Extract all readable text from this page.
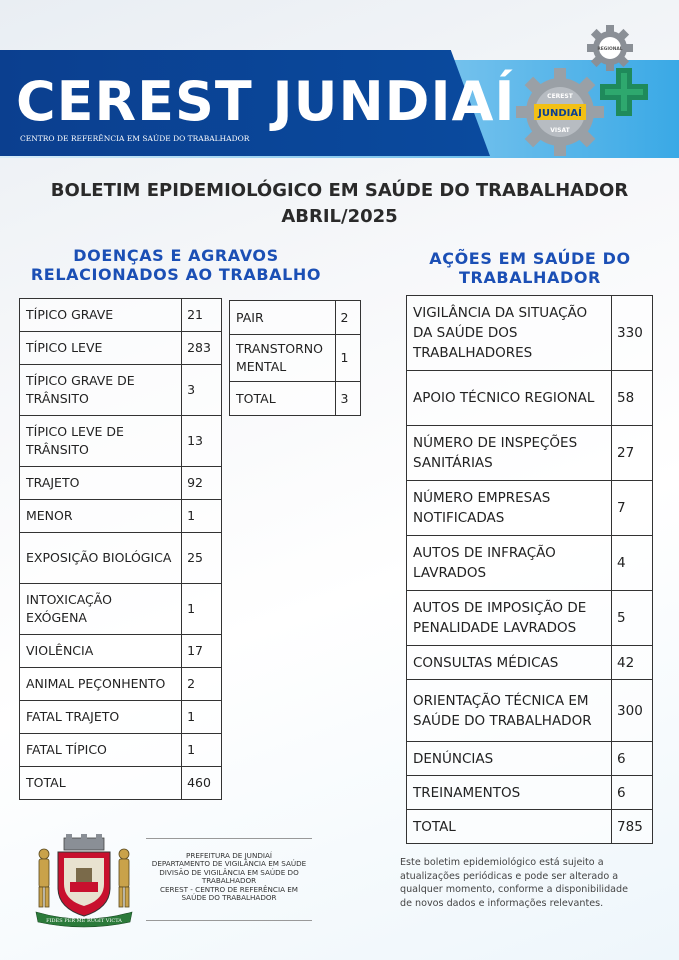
CEREST JUNDIAÍ

CENTRO DE REFERÊNCIA EM SAÚDE DO TRABALHADOR

REGIONAL
JUNDIAÍ
CEREST
VISAT
BOLETIM EPIDEMIOLÓGICO EM SAÚDE DO TRABALHADOR
ABRIL/2025
DOENÇAS E AGRAVOS
RELACIONADOS AO TRABALHO
AÇÕES EM SAÚDE DO
TRABALHADOR
TÍPICO GRAVE	21
TÍPICO LEVE	283
TÍPICO GRAVE DE TRÂNSITO	3
TÍPICO LEVE DE TRÂNSITO	13
TRAJETO	92
MENOR	1
EXPOSIÇÃO BIOLÓGICA	25
INTOXICAÇÃO EXÓGENA	1
VIOLÊNCIA	17
ANIMAL PEÇONHENTO	2
FATAL TRAJETO	1
FATAL TÍPICO	1
TOTAL	460
PAIR	2
TRANSTORNO MENTAL	1
TOTAL	3
VIGILÂNCIA DA SITUAÇÃO DA SAÚDE DOS TRABALHADORES	330
APOIO TÉCNICO REGIONAL	58
NÚMERO DE INSPEÇÕES SANITÁRIAS	27
NÚMERO EMPRESAS NOTIFICADAS	7
AUTOS DE INFRAÇÃO LAVRADOS	4
AUTOS DE IMPOSIÇÃO DE PENALIDADE LAVRADOS	5
CONSULTAS MÉDICAS	42
ORIENTAÇÃO TÉCNICA EM SAÚDE DO TRABALHADOR	300
DENÚNCIAS	6
TREINAMENTOS	6
TOTAL	785
FIDES PER ME RUGIT VICTA
PREFEITURA DE JUNDIAÍ
DEPARTAMENTO DE VIGILÂNCIA EM SAÚDE
DIVISÃO DE VIGILÂNCIA EM SAÚDE DO
TRABALHADOR
CEREST - CENTRO DE REFERÊNCIA EM
SAÚDE DO TRABALHADOR

Este boletim epidemiológico está sujeito a atualizações periódicas e pode ser alterado a qualquer momento, conforme a disponibilidade de novos dados e informações relevantes.
